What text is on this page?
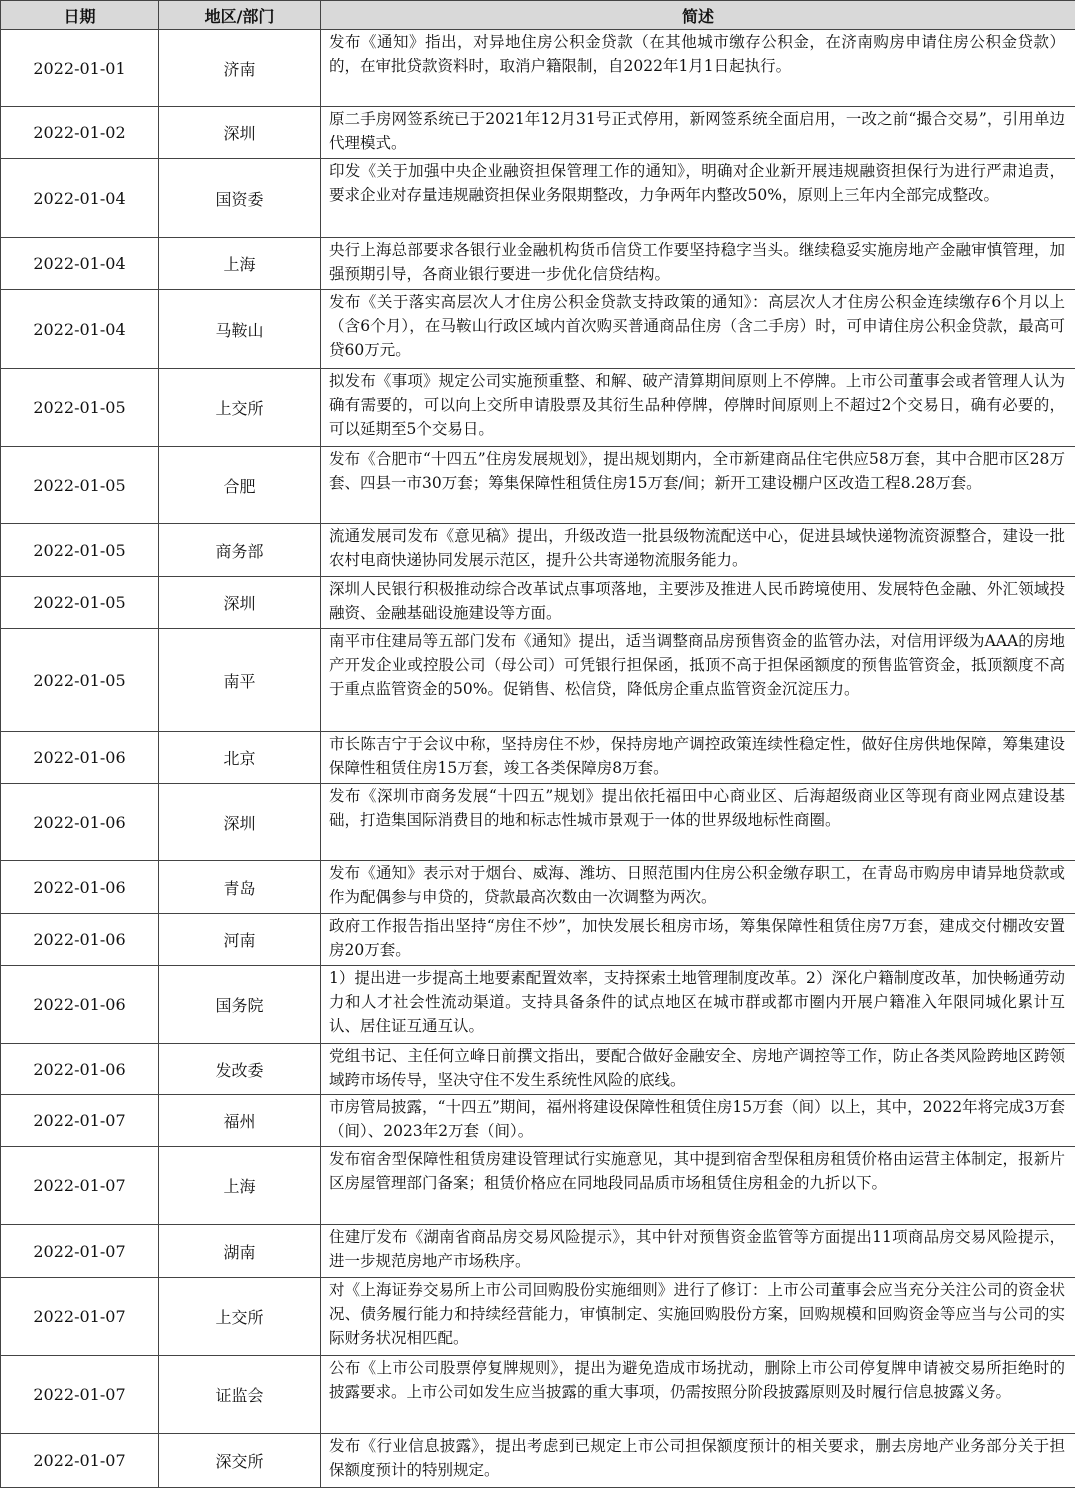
日期	地区/部门	简述
2022-01-01	济南	发布《通知》指出，对异地住房公积金贷款（在其他城市缴存公积金，在济南购房申请住房公积金贷款）的，在审批贷款资料时，取消户籍限制，自2022年1月1日起执行。
2022-01-02	深圳	原二手房网签系统已于2021年12月31号正式停用，新网签系统全面启用，一改之前“撮合交易”，引用单边代理模式。
2022-01-04	国资委	印发《关于加强中央企业融资担保管理工作的通知》，明确对企业新开展违规融资担保行为进行严肃追责，要求企业对存量违规融资担保业务限期整改，力争两年内整改50%，原则上三年内全部完成整改。
2022-01-04	上海	央行上海总部要求各银行业金融机构货币信贷工作要坚持稳字当头。继续稳妥实施房地产金融审慎管理，加强预期引导，各商业银行要进一步优化信贷结构。
2022-01-04	马鞍山	发布《关于落实高层次人才住房公积金贷款支持政策的通知》：高层次人才住房公积金连续缴存6个月以上（含6个月），在马鞍山行政区域内首次购买普通商品住房（含二手房）时，可申请住房公积金贷款，最高可贷60万元。
2022-01-05	上交所	拟发布《事项》规定公司实施预重整、和解、破产清算期间原则上不停牌。上市公司董事会或者管理人认为确有需要的，可以向上交所申请股票及其衍生品种停牌，停牌时间原则上不超过2个交易日，确有必要的，可以延期至5个交易日。
2022-01-05	合肥	发布《合肥市“十四五”住房发展规划》，提出规划期内，全市新建商品住宅供应58万套，其中合肥市区28万套、四县一市30万套；筹集保障性租赁住房15万套/间；新开工建设棚户区改造工程8.28万套。
2022-01-05	商务部	流通发展司发布《意见稿》提出，升级改造一批县级物流配送中心，促进县域快递物流资源整合，建设一批农村电商快递协同发展示范区，提升公共寄递物流服务能力。
2022-01-05	深圳	深圳人民银行积极推动综合改革试点事项落地，主要涉及推进人民币跨境使用、发展特色金融、外汇领域投融资、金融基础设施建设等方面。
2022-01-05	南平	南平市住建局等五部门发布《通知》提出，适当调整商品房预售资金的监管办法，对信用评级为AAA的房地产开发企业或控股公司（母公司）可凭银行担保函，抵顶不高于担保函额度的预售监管资金，抵顶额度不高于重点监管资金的50%。促销售、松信贷，降低房企重点监管资金沉淀压力。
2022-01-06	北京	市长陈吉宁于会议中称，坚持房住不炒，保持房地产调控政策连续性稳定性，做好住房供地保障，筹集建设保障性租赁住房15万套，竣工各类保障房8万套。
2022-01-06	深圳	发布《深圳市商务发展“十四五”规划》提出依托福田中心商业区、后海超级商业区等现有商业网点建设基础，打造集国际消费目的地和标志性城市景观于一体的世界级地标性商圈。
2022-01-06	青岛	发布《通知》表示对于烟台、威海、潍坊、日照范围内住房公积金缴存职工，在青岛市购房申请异地贷款或作为配偶参与申贷的，贷款最高次数由一次调整为两次。
2022-01-06	河南	政府工作报告指出坚持“房住不炒”，加快发展长租房市场，筹集保障性租赁住房7万套，建成交付棚改安置房20万套。
2022-01-06	国务院	1）提出进一步提高土地要素配置效率，支持探索土地管理制度改革。2）深化户籍制度改革，加快畅通劳动力和人才社会性流动渠道。支持具备条件的试点地区在城市群或都市圈内开展户籍准入年限同城化累计互认、居住证互通互认。
2022-01-06	发改委	党组书记、主任何立峰日前撰文指出，要配合做好金融安全、房地产调控等工作，防止各类风险跨地区跨领域跨市场传导，坚决守住不发生系统性风险的底线。
2022-01-07	福州	市房管局披露，“十四五”期间，福州将建设保障性租赁住房15万套（间）以上，其中，2022年将完成3万套（间）、2023年2万套（间）。
2022-01-07	上海	发布宿舍型保障性租赁房建设管理试行实施意见，其中提到宿舍型保租房租赁价格由运营主体制定，报新片区房屋管理部门备案；租赁价格应在同地段同品质市场租赁住房租金的九折以下。
2022-01-07	湖南	住建厅发布《湖南省商品房交易风险提示》，其中针对预售资金监管等方面提出11项商品房交易风险提示，进一步规范房地产市场秩序。
2022-01-07	上交所	对《上海证券交易所上市公司回购股份实施细则》进行了修订：上市公司董事会应当充分关注公司的资金状况、债务履行能力和持续经营能力，审慎制定、实施回购股份方案，回购规模和回购资金等应当与公司的实际财务状况相匹配。
2022-01-07	证监会	公布《上市公司股票停复牌规则》，提出为避免造成市场扰动，删除上市公司停复牌申请被交易所拒绝时的披露要求。上市公司如发生应当披露的重大事项，仍需按照分阶段披露原则及时履行信息披露义务。
2022-01-07	深交所	发布《行业信息披露》，提出考虑到已规定上市公司担保额度预计的相关要求，删去房地产业务部分关于担保额度预计的特别规定。
